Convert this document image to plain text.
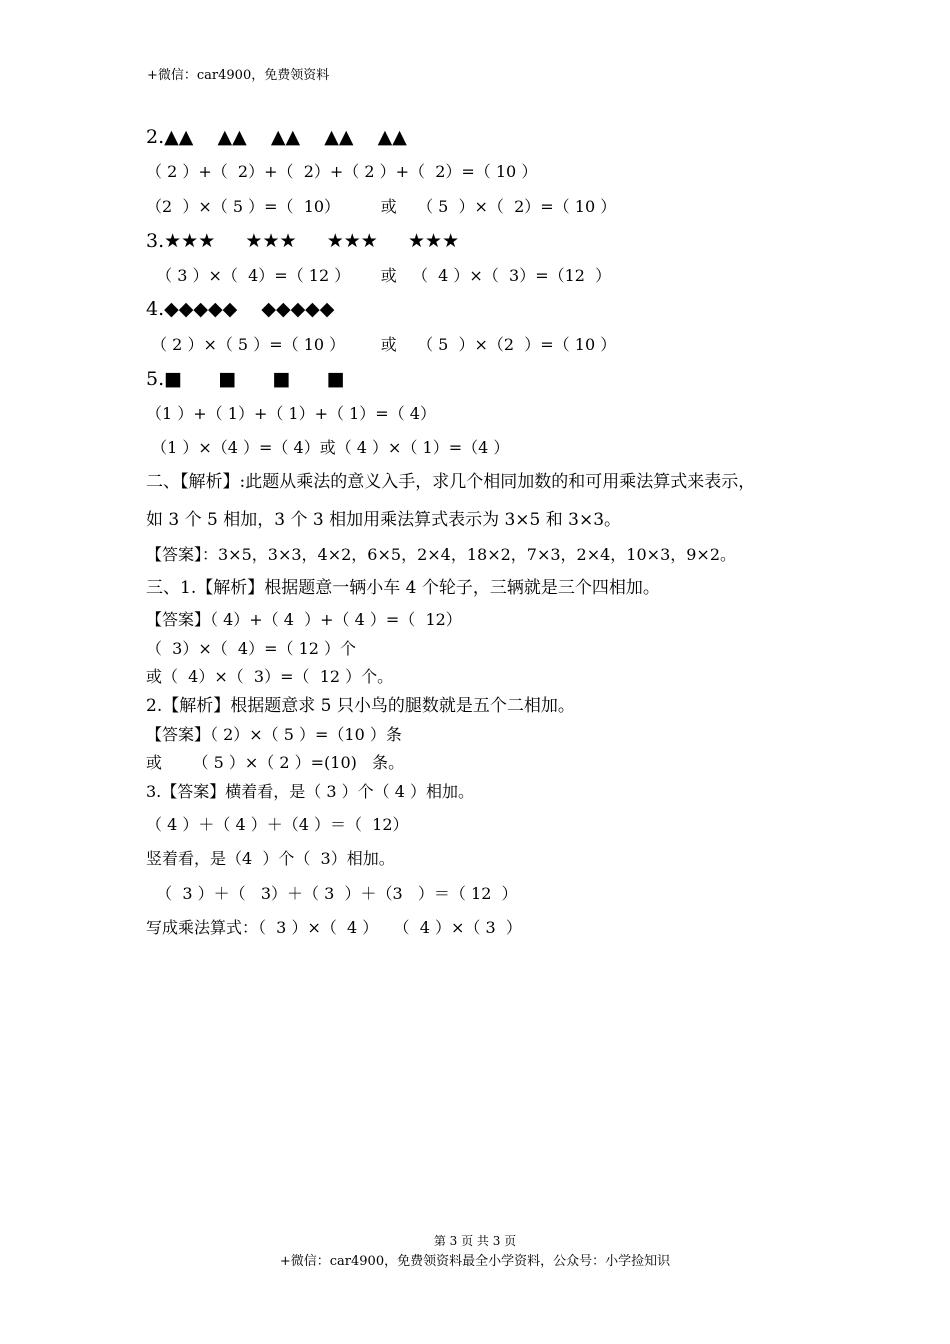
+微信：car4900，免费领资料
2.▲▲    ▲▲    ▲▲    ▲▲    ▲▲
（ 2 ）+（  2）+（  2）+（ 2 ）+（  2）=（ 10 ）
（2  ）×（ 5 ）=（  10）        或    （ 5  ）×（  2）=（ 10 ）
3.★★★     ★★★     ★★★     ★★★
（ 3 ）×（  4）=（ 12 ）      或   （  4 ）×（  3）=（12  ）
4.◆◆◆◆◆    ◆◆◆◆◆
（ 2 ）×（ 5 ）=（ 10 ）       或    （ 5  ）×（2  ）=（ 10 ）
5.■      ■      ■      ■
（1 ）+（ 1）+（ 1）+（ 1）=（ 4）
（1 ）×（4 ）=（ 4）或（ 4 ）×（ 1）=（4 ）
二、【解析】:此题从乘法的意义入手，求几个相同加数的和可用乘法算式来表示，
如 3 个 5 相加，3 个 3 相加用乘法算式表示为 3×5 和 3×3。
【答案】：3×5，3×3，4×2，6×5，2×4，18×2，7×3，2×4，10×3，9×2。
三、1.【解析】根据题意一辆小车 4 个轮子，三辆就是三个四相加。
【答案】（ 4）+（ 4  ）+（ 4 ）=（  12）
（  3）×（  4）=（ 12 ）个
或（  4）×（  3）=（  12 ）个。
2.【解析】根据题意求 5 只小鸟的腿数就是五个二相加。
【答案】（ 2）×（ 5 ）=（10 ）条
或      （ 5 ）×（ 2 ）=(10)   条。
3.【答案】横着看，是（ 3 ）个（ 4 ）相加。
（ 4 ）＋（ 4 ）＋（4 ）＝（  12）
竖着看，是（4  ）个（  3）相加。
（  3 ）＋（   3）＋（ 3  ）＋（3   ）＝（ 12  ）
写成乘法算式：（  3 ）×（  4 ）   （  4 ）×（ 3  ）
第 3 页 共 3 页
+微信：car4900，免费领资料最全小学资料，公众号：小学捡知识
